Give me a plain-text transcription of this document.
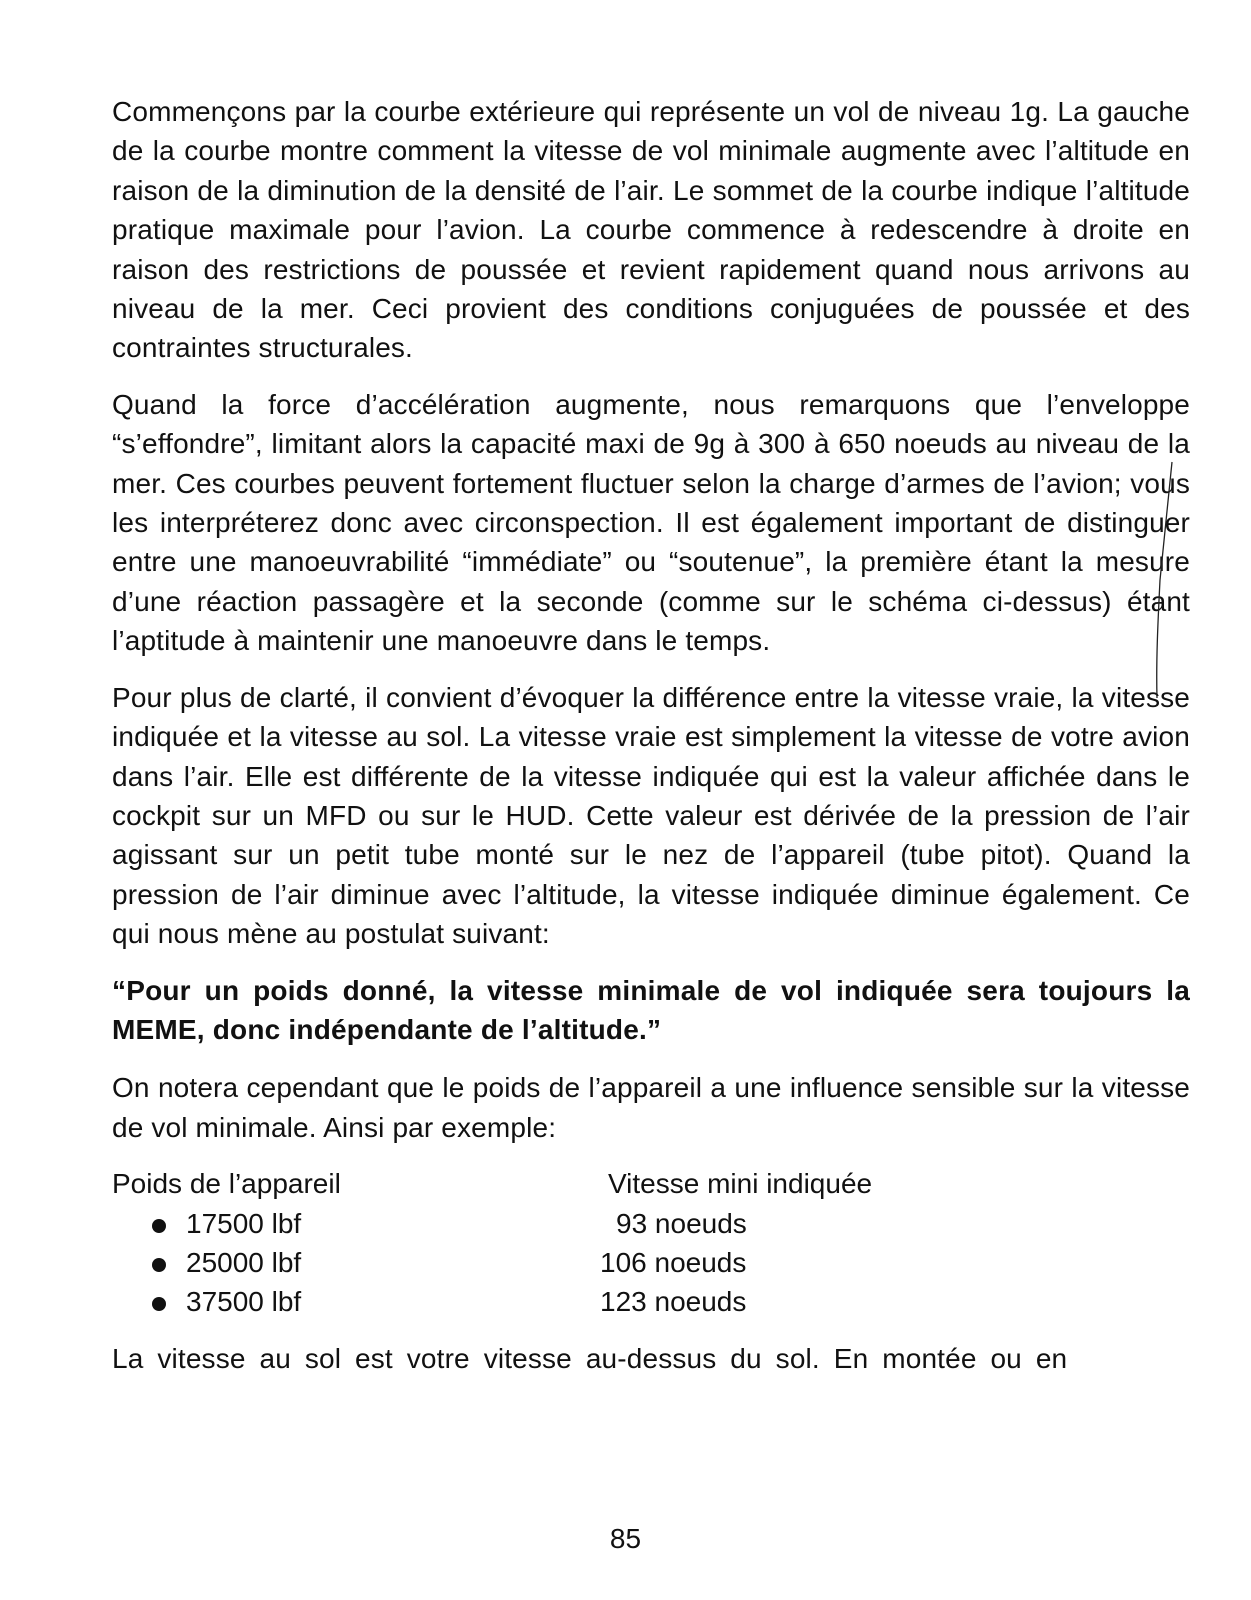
Commençons par la courbe extérieure qui représente un vol de niveau 1g. La gauche de la courbe montre comment la vitesse de vol minimale augmente avec l’altitude en raison de la diminution de la densité de l’air. Le sommet de la courbe indique l’altitude pratique maximale pour l’avion. La courbe commence à redescendre à droite en raison des restrictions de poussée et revient rapidement quand nous arrivons au niveau de la mer. Ceci provient des conditions conjuguées de poussée et des contraintes structurales.

Quand la force d’accélération augmente, nous remarquons que l’enveloppe “s’effondre”, limitant alors la capacité maxi de 9g à 300 à 650 noeuds au niveau de la mer. Ces courbes peuvent fortement fluctuer selon la charge d’armes de l’avion; vous les interpréterez donc avec circonspection. Il est également important de distinguer entre une manoeuvrabilité “immédiate” ou “soutenue”, la première étant la mesure d’une réaction passagère et la seconde (comme sur le schéma ci-dessus) étant l’aptitude à maintenir une manoeuvre dans le temps.

Pour plus de clarté, il convient d’évoquer la différence entre la vitesse vraie, la vitesse indiquée et la vitesse au sol. La vitesse vraie est simplement la vitesse de votre avion dans l’air. Elle est différente de la vitesse indiquée qui est la valeur affichée dans le cockpit sur un MFD ou sur le HUD. Cette valeur est dérivée de la pression de l’air agissant sur un petit tube monté sur le nez de l’appareil (tube pitot). Quand la pression de l’air diminue avec l’altitude, la vitesse indiquée diminue également. Ce qui nous mène au postulat suivant:

“Pour un poids donné, la vitesse minimale de vol indiquée sera toujours la MEME, donc indépendante de l’altitude.”

On notera cependant que le poids de l’appareil a une influence sensible sur la vitesse de vol minimale. Ainsi par exemple:

Poids de l’appareil	Vitesse mini indiquée
17500 lbf	93 noeuds
25000 lbf	106 noeuds
37500 lbf	123 noeuds

La vitesse au sol est votre vitesse au-dessus du sol. En montée ou en

85
